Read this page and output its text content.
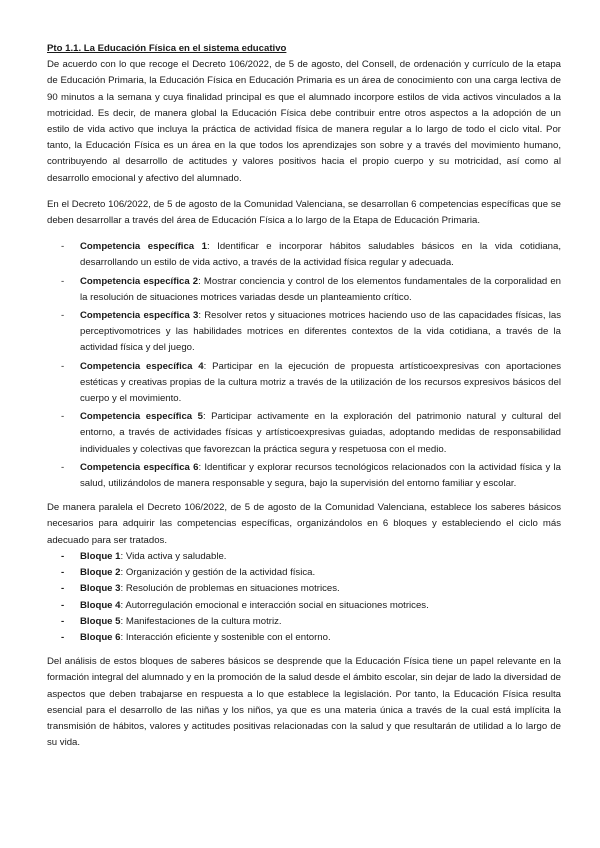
Pto 1.1. La Educación Física en el sistema educativo

De acuerdo con lo que recoge el Decreto 106/2022, de 5 de agosto, del Consell, de ordenación y currículo de la etapa de Educación Primaria, la Educación Física en Educación Primaria es un área de conocimiento con una carga lectiva de 90 minutos a la semana y cuya finalidad principal es que el alumnado incorpore estilos de vida activos vinculados a la motricidad. Es decir, de manera global la Educación Física debe contribuir entre otros aspectos a la adopción de un estilo de vida activo que incluya la práctica de actividad física de manera regular a lo largo de todo el ciclo vital. Por tanto, la Educación Física es un área en la que todos los aprendizajes son sobre y a través del movimiento humano, contribuyendo al desarrollo de actitudes y valores positivos hacia el propio cuerpo y su motricidad, así como al desarrollo emocional y afectivo del alumnado.

En el Decreto 106/2022, de 5 de agosto de la Comunidad Valenciana, se desarrollan 6 competencias específicas que se deben desarrollar a través del área de Educación Física a lo largo de la Etapa de Educación Primaria.

- Competencia específica 1: Identificar e incorporar hábitos saludables básicos en la vida cotidiana, desarrollando un estilo de vida activo, a través de la actividad física regular y adecuada.
- Competencia específica 2: Mostrar conciencia y control de los elementos fundamentales de la corporalidad en la resolución de situaciones motrices variadas desde un planteamiento crítico.
- Competencia específica 3: Resolver retos y situaciones motrices haciendo uso de las capacidades físicas, las perceptivomotrices y las habilidades motrices en diferentes contextos de la vida cotidiana, a través de la actividad física y del juego.
- Competencia específica 4: Participar en la ejecución de propuesta artísticoexpresivas con aportaciones estéticas y creativas propias de la cultura motriz a través de la utilización de los recursos expresivos básicos del cuerpo y el movimiento.
- Competencia específica 5: Participar activamente en la exploración del patrimonio natural y cultural del entorno, a través de actividades físicas y artísticoexpresivas guiadas, adoptando medidas de responsabilidad individuales y colectivas que favorezcan la práctica segura y respetuosa con el medio.
- Competencia específica 6: Identificar y explorar recursos tecnológicos relacionados con la actividad física y la salud, utilizándolos de manera responsable y segura, bajo la supervisión del entorno familiar y escolar.

De manera paralela el Decreto 106/2022, de 5 de agosto de la Comunidad Valenciana, establece los saberes básicos necesarios para adquirir las competencias específicas, organizándolos en 6 bloques y estableciendo el ciclo más adecuado para ser tratados.

- Bloque 1: Vida activa y saludable.
- Bloque 2: Organización y gestión de la actividad física.
- Bloque 3: Resolución de problemas en situaciones motrices.
- Bloque 4: Autorregulación emocional e interacción social en situaciones motrices.
- Bloque 5: Manifestaciones de la cultura motriz.
- Bloque 6: Interacción eficiente y sostenible con el entorno.

Del análisis de estos bloques de saberes básicos se desprende que la Educación Física tiene un papel relevante en la formación integral del alumnado y en la promoción de la salud desde el ámbito escolar, sin dejar de lado la diversidad de aspectos que deben trabajarse en respuesta a lo que establece la legislación. Por tanto, la Educación Física resulta esencial para el desarrollo de las niñas y los niños, ya que es una materia única a través de la cual está implícita la transmisión de hábitos, valores y actitudes positivas relacionadas con la salud y que resultarán de utilidad a lo largo de su vida.
